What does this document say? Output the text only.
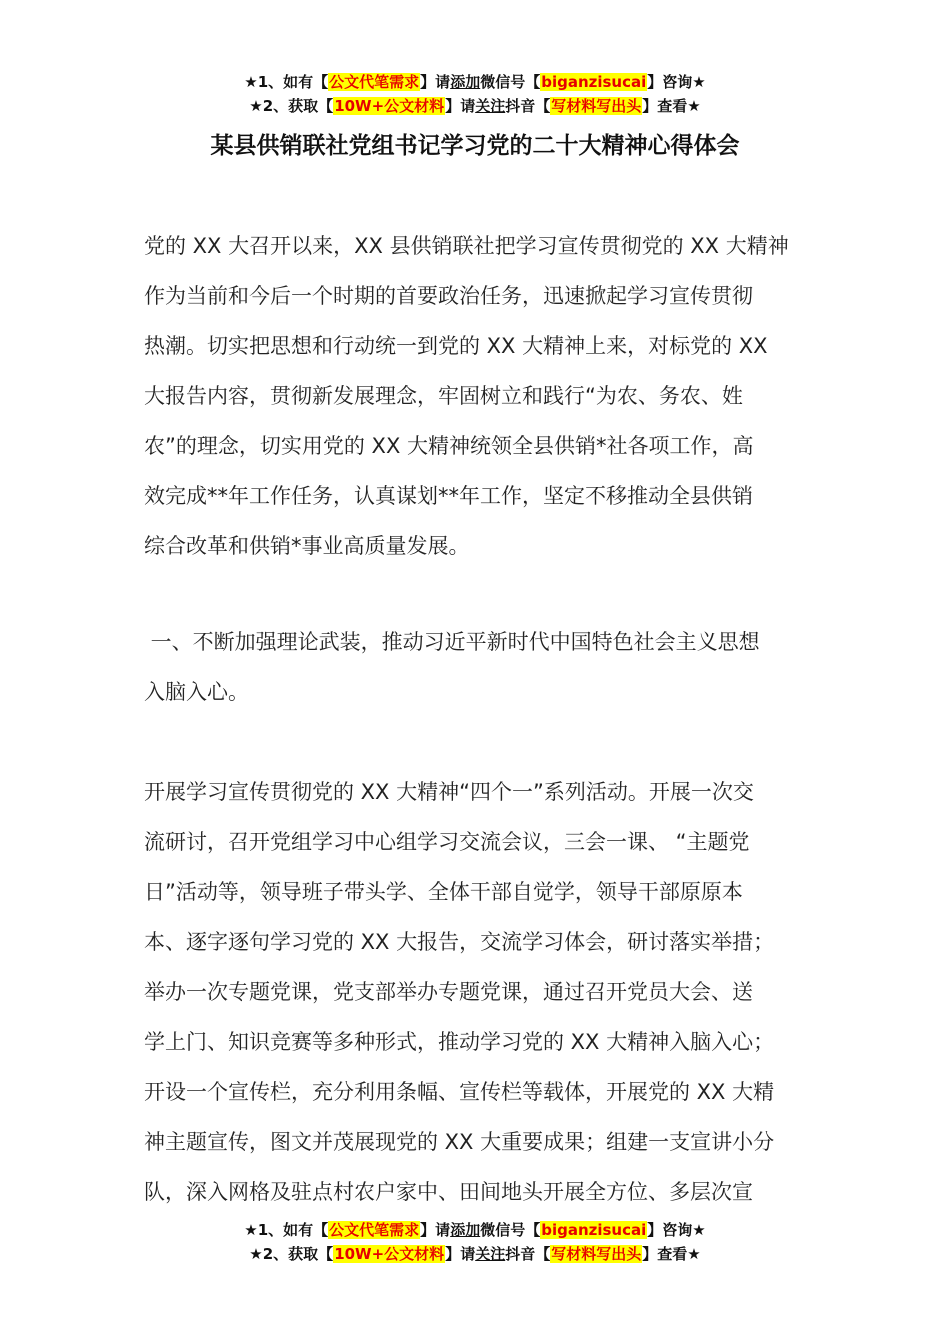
★1、如有【公文代笔需求】请添加微信号【biganzisucai】咨询★
★2、获取【10W+公文材料】请关注抖音【写材料写出头】查看★
某县供销联社党组书记学习党的二十大精神心得体会
党的 XX 大召开以来，XX 县供销联社把学习宣传贯彻党的 XX 大精神
作为当前和今后一个时期的首要政治任务，迅速掀起学习宣传贯彻
热潮。切实把思想和行动统一到党的 XX 大精神上来，对标党的 XX
大报告内容，贯彻新发展理念，牢固树立和践行“为农、务农、姓
农”的理念，切实用党的 XX 大精神统领全县供销*社各项工作，高
效完成**年工作任务，认真谋划**年工作，坚定不移推动全县供销
综合改革和供销*事业高质量发展。
一、不断加强理论武装，推动习近平新时代中国特色社会主义思想
入脑入心。
开展学习宣传贯彻党的 XX 大精神“四个一”系列活动。开展一次交
流研讨，召开党组学习中心组学习交流会议，三会一课、 “主题党
日”活动等，领导班子带头学、全体干部自觉学，领导干部原原本
本、逐字逐句学习党的 XX 大报告，交流学习体会，研讨落实举措；
举办一次专题党课，党支部举办专题党课，通过召开党员大会、送
学上门、知识竞赛等多种形式，推动学习党的 XX 大精神入脑入心；
开设一个宣传栏，充分利用条幅、宣传栏等载体，开展党的 XX 大精
神主题宣传，图文并茂展现党的 XX 大重要成果；组建一支宣讲小分
队，深入网格及驻点村农户家中、田间地头开展全方位、多层次宣
★1、如有【公文代笔需求】请添加微信号【biganzisucai】咨询★
★2、获取【10W+公文材料】请关注抖音【写材料写出头】查看★
